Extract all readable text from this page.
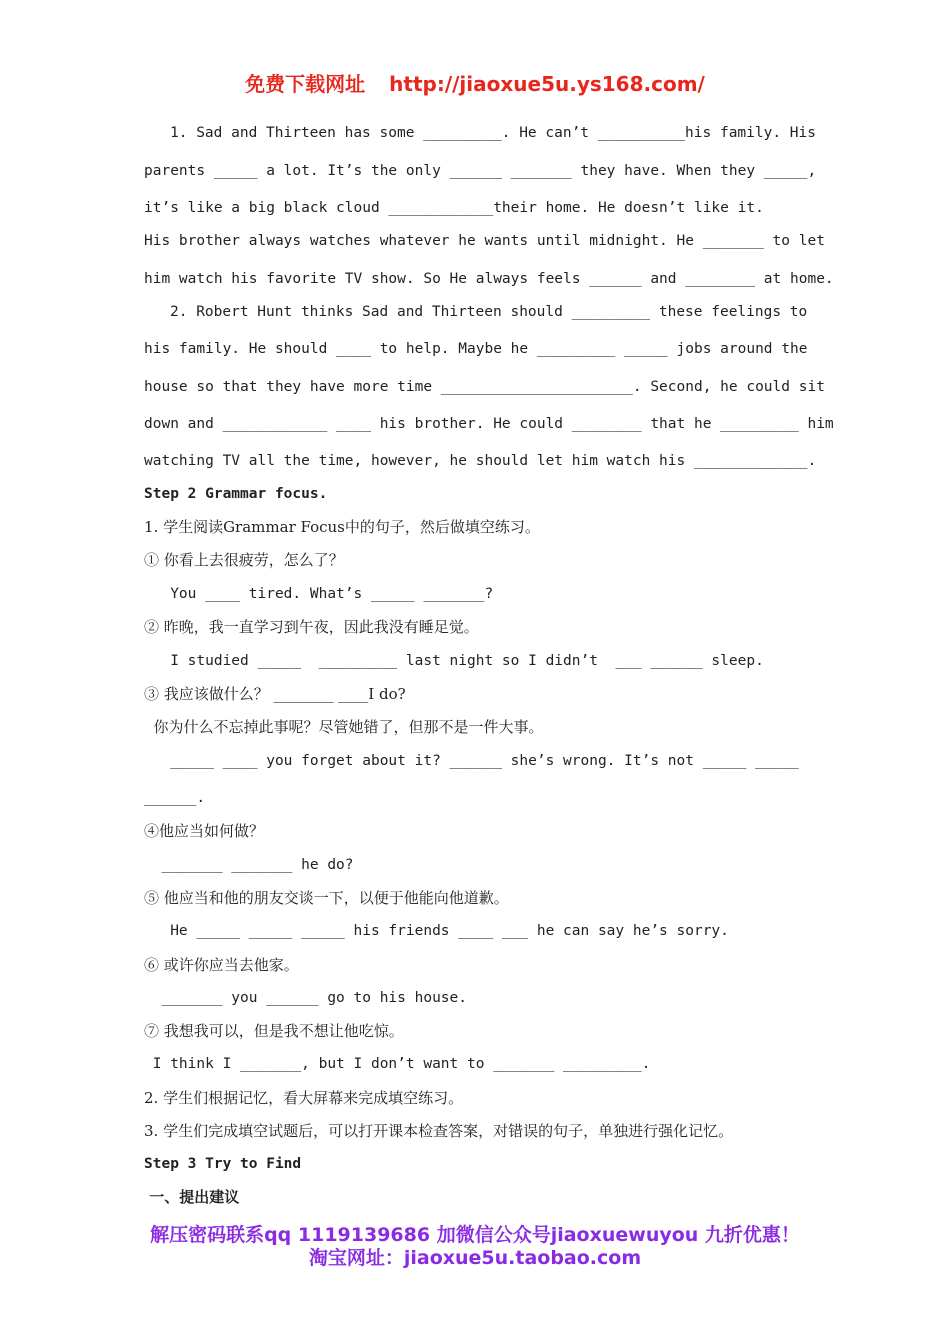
免费下载网址 http://jiaoxue5u.ys168.com/
1. Sad and Thirteen has some _________. He can’t __________his family. His
parents _____ a lot. It’s the only ______ _______ they have. When they _____,
it’s like a big black cloud ____________their home. He doesn’t like it.
His brother always watches whatever he wants until midnight. He _______ to let
him watch his favorite TV show. So He always feels ______ and ________ at home.
2. Robert Hunt thinks Sad and Thirteen should _________ these feelings to
his family. He should ____ to help. Maybe he _________ _____ jobs around the
house so that they have more time ______________________. Second, he could sit
down and ____________ ____ his brother. He could ________ that he _________ him
watching TV all the time, however, he should let him watch his _____________.
Step 2 Grammar focus.
1. 学生阅读Grammar Focus中的句子，然后做填空练习。
① 你看上去很疲劳，怎么了？
You ____ tired. What’s _____ _______?
② 昨晚，我一直学习到午夜，因此我没有睡足觉。
I studied _____  _________ last night so I didn’t  ___ ______ sleep.
③ 我应该做什么？ ________ ____I do?
你为什么不忘掉此事呢？尽管她错了，但那不是一件大事。
_____ ____ you forget about it? ______ she’s wrong. It’s not _____ _____
______.
④他应当如何做？
_______ _______ he do?
⑤ 他应当和他的朋友交谈一下，以便于他能向他道歉。
He _____ _____ _____ his friends ____ ___ he can say he’s sorry.
⑥ 或许你应当去他家。
_______ you ______ go to his house.
⑦ 我想我可以，但是我不想让他吃惊。
I think I _______, but I don’t want to _______ _________.
2. 学生们根据记忆，看大屏幕来完成填空练习。
3. 学生们完成填空试题后，可以打开课本检查答案，对错误的句子，单独进行强化记忆。
Step 3 Try to Find
一、提出建议
解压密码联系qq 1119139686 加微信公众号jiaoxuewuyou 九折优惠！
淘宝网址：jiaoxue5u.taobao.com
